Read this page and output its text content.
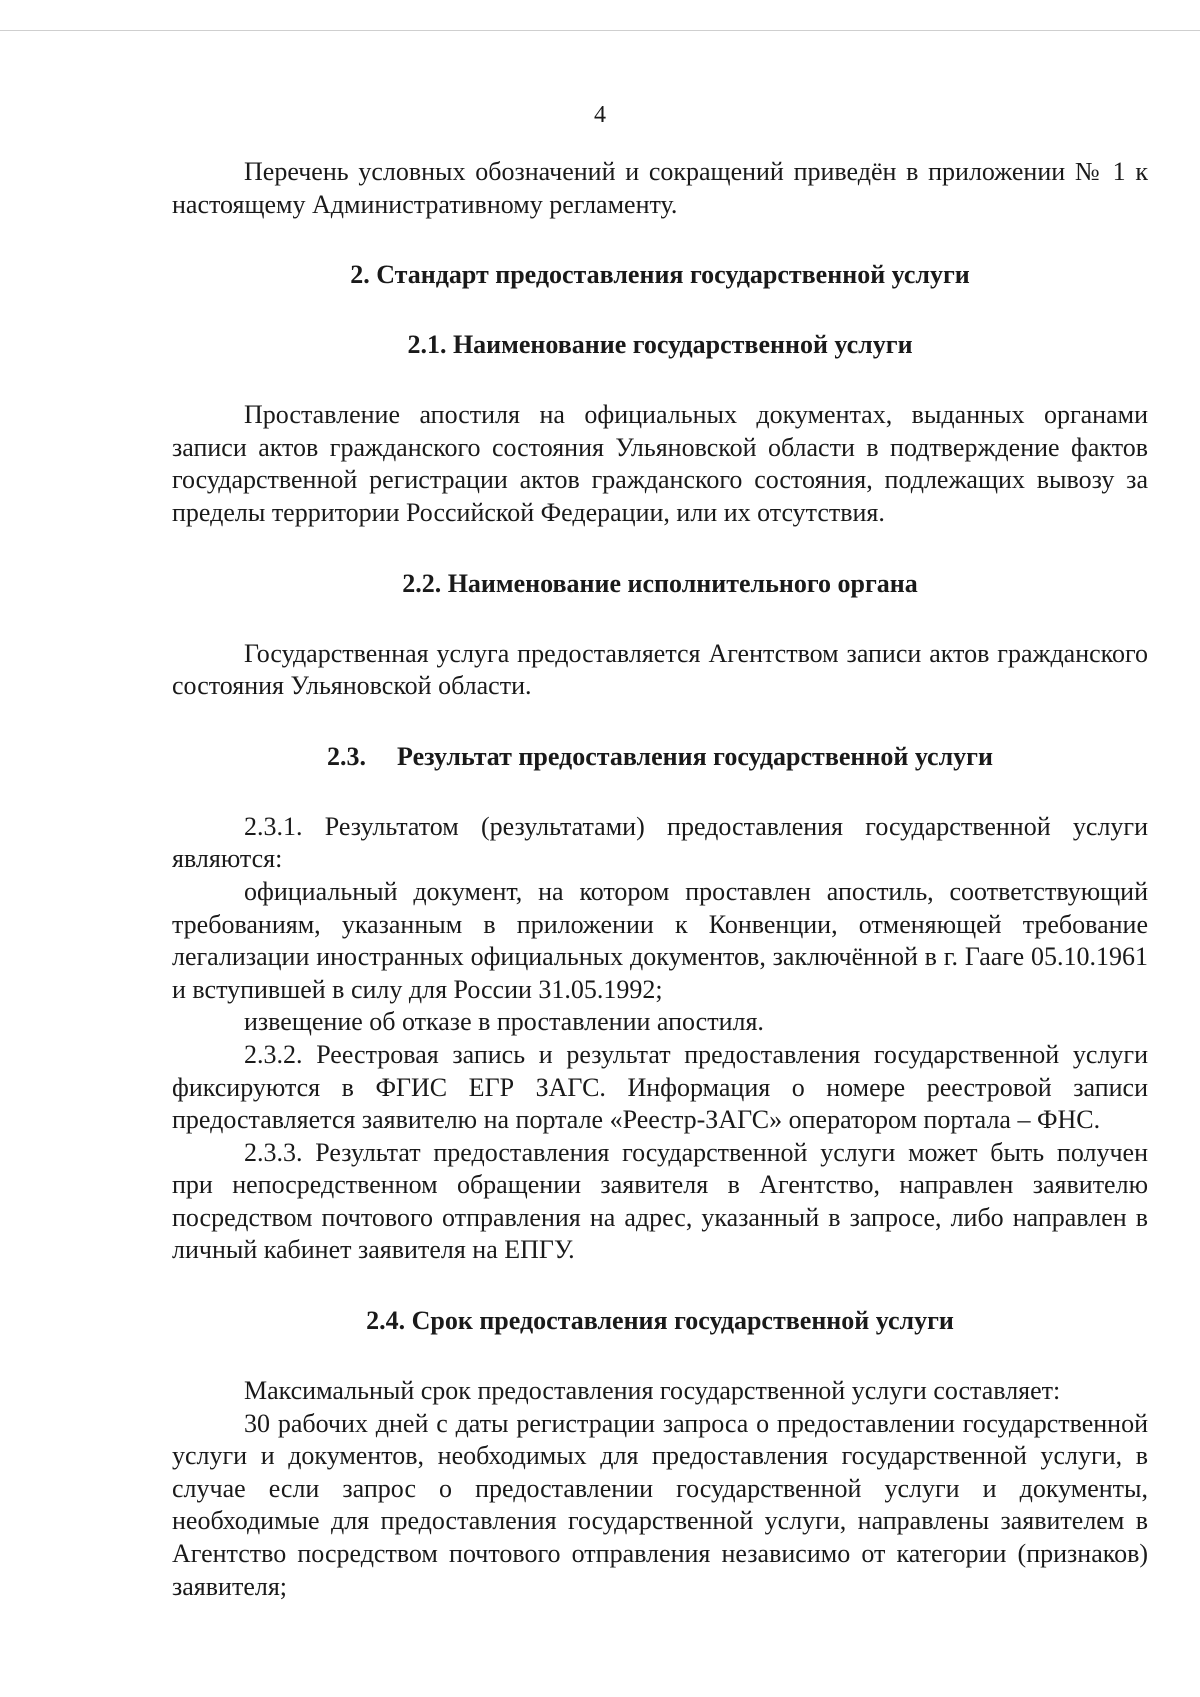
4

Перечень условных обозначений и сокращений приведён в приложении № 1 к настоящему Административному регламенту.

2. Стандарт предоставления государственной услуги
2.1. Наименование государственной услуги

Проставление апостиля на официальных документах, выданных органами записи актов гражданского состояния Ульяновской области в подтверждение фактов государственной регистрации актов гражданского состояния, подлежащих вывозу за пределы территории Российской Федерации, или их отсутствия.

2.2. Наименование исполнительного органа

Государственная услуга предоставляется Агентством записи актов гражданского состояния Ульяновской области.

2.3. Результат предоставления государственной услуги

2.3.1. Результатом (результатами) предоставления государственной услуги являются:

официальный документ, на котором проставлен апостиль, соответствующий требованиям, указанным в приложении к Конвенции, отменяющей требование легализации иностранных официальных документов, заключённой в г. Гааге 05.10.1961 и вступившей в силу для России 31.05.1992;

извещение об отказе в проставлении апостиля.

2.3.2. Реестровая запись и результат предоставления государственной услуги фиксируются в ФГИС ЕГР ЗАГС. Информация о номере реестровой записи предоставляется заявителю на портале «Реестр-ЗАГС» оператором портала – ФНС.

2.3.3. Результат предоставления государственной услуги может быть получен при непосредственном обращении заявителя в Агентство, направлен заявителю посредством почтового отправления на адрес, указанный в запросе, либо направлен в личный кабинет заявителя на ЕПГУ.

2.4. Срок предоставления государственной услуги

Максимальный срок предоставления государственной услуги составляет:

30 рабочих дней с даты регистрации запроса о предоставлении государственной услуги и документов, необходимых для предоставления государственной услуги, в случае если запрос о предоставлении государственной услуги и документы, необходимые для предоставления государственной услуги, направлены заявителем в Агентство посредством почтового отправления независимо от категории (признаков) заявителя;
